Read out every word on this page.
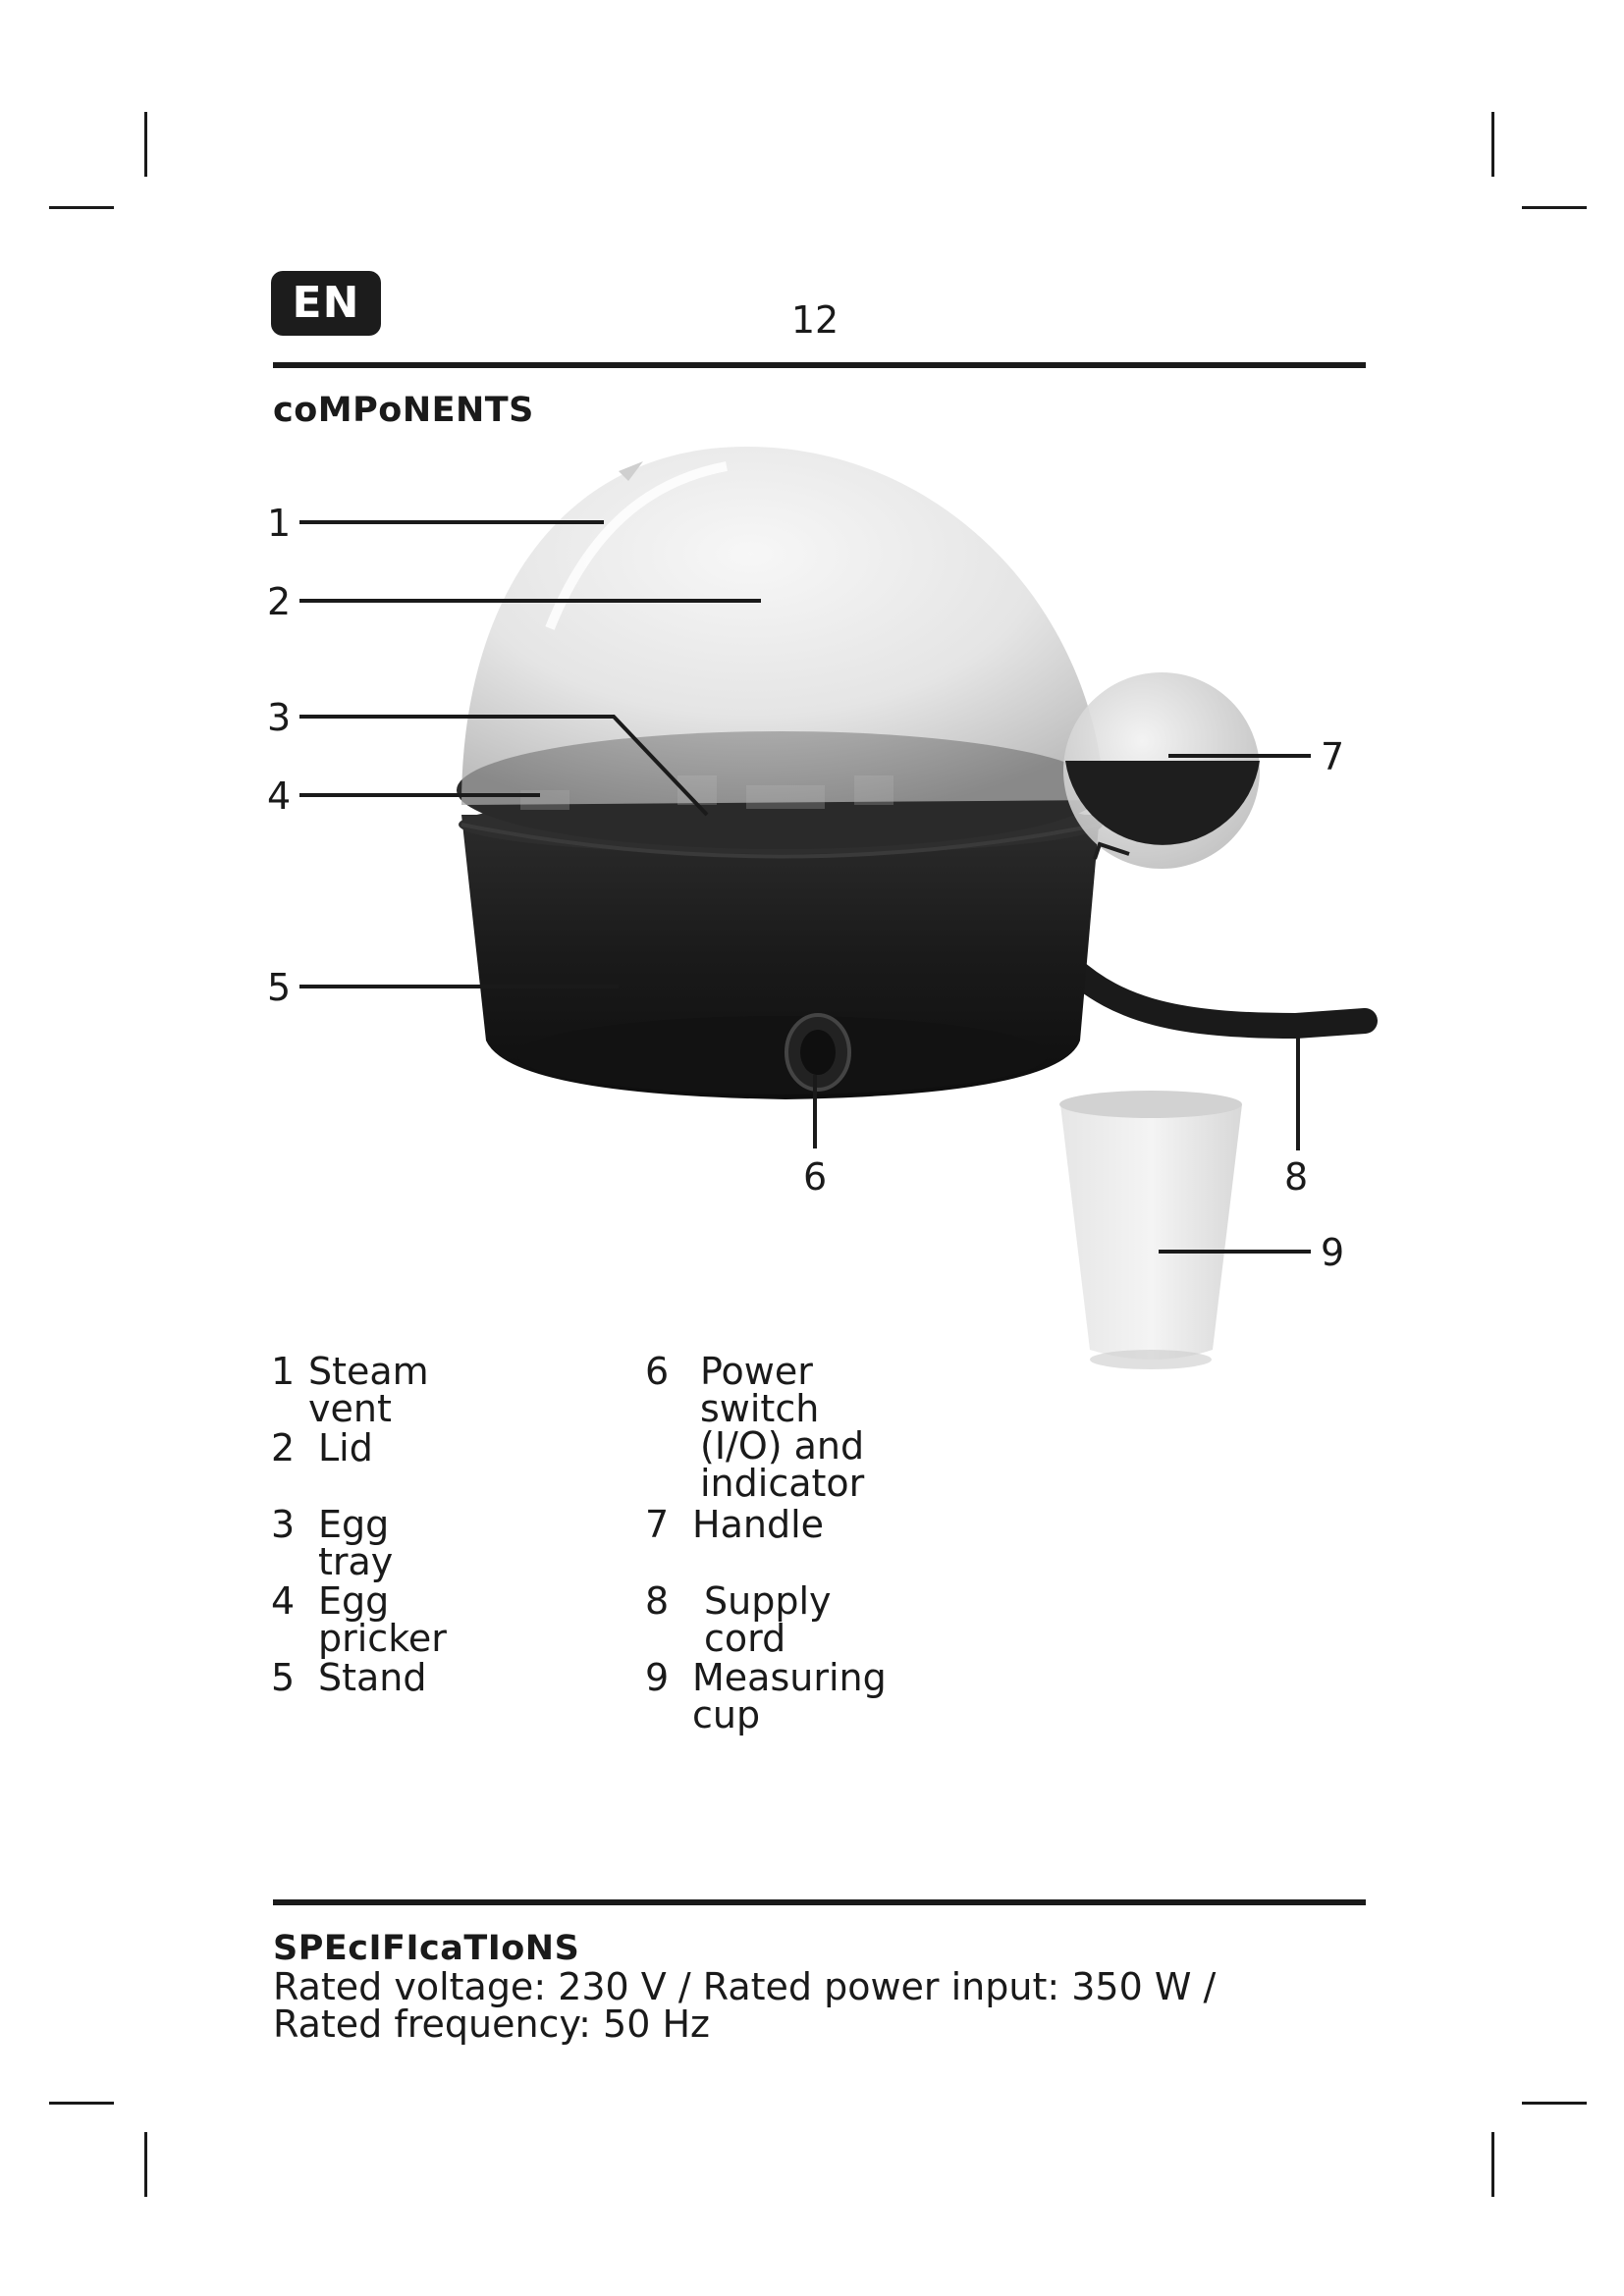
EN	12
coMPoNENTS
1
2
3
4
5
6
7
8
9
1 Steam vent
2 Lid
3 Egg tray
4 Egg pricker
5 Stand
6 Power switch
(I/O) and
indicator
7 Handle
8 Supply cord
9 Measuring cup
SPEcIFIcaTIoNS
Rated voltage: 230 V / Rated power input: 350 W /
Rated frequency: 50 Hz
